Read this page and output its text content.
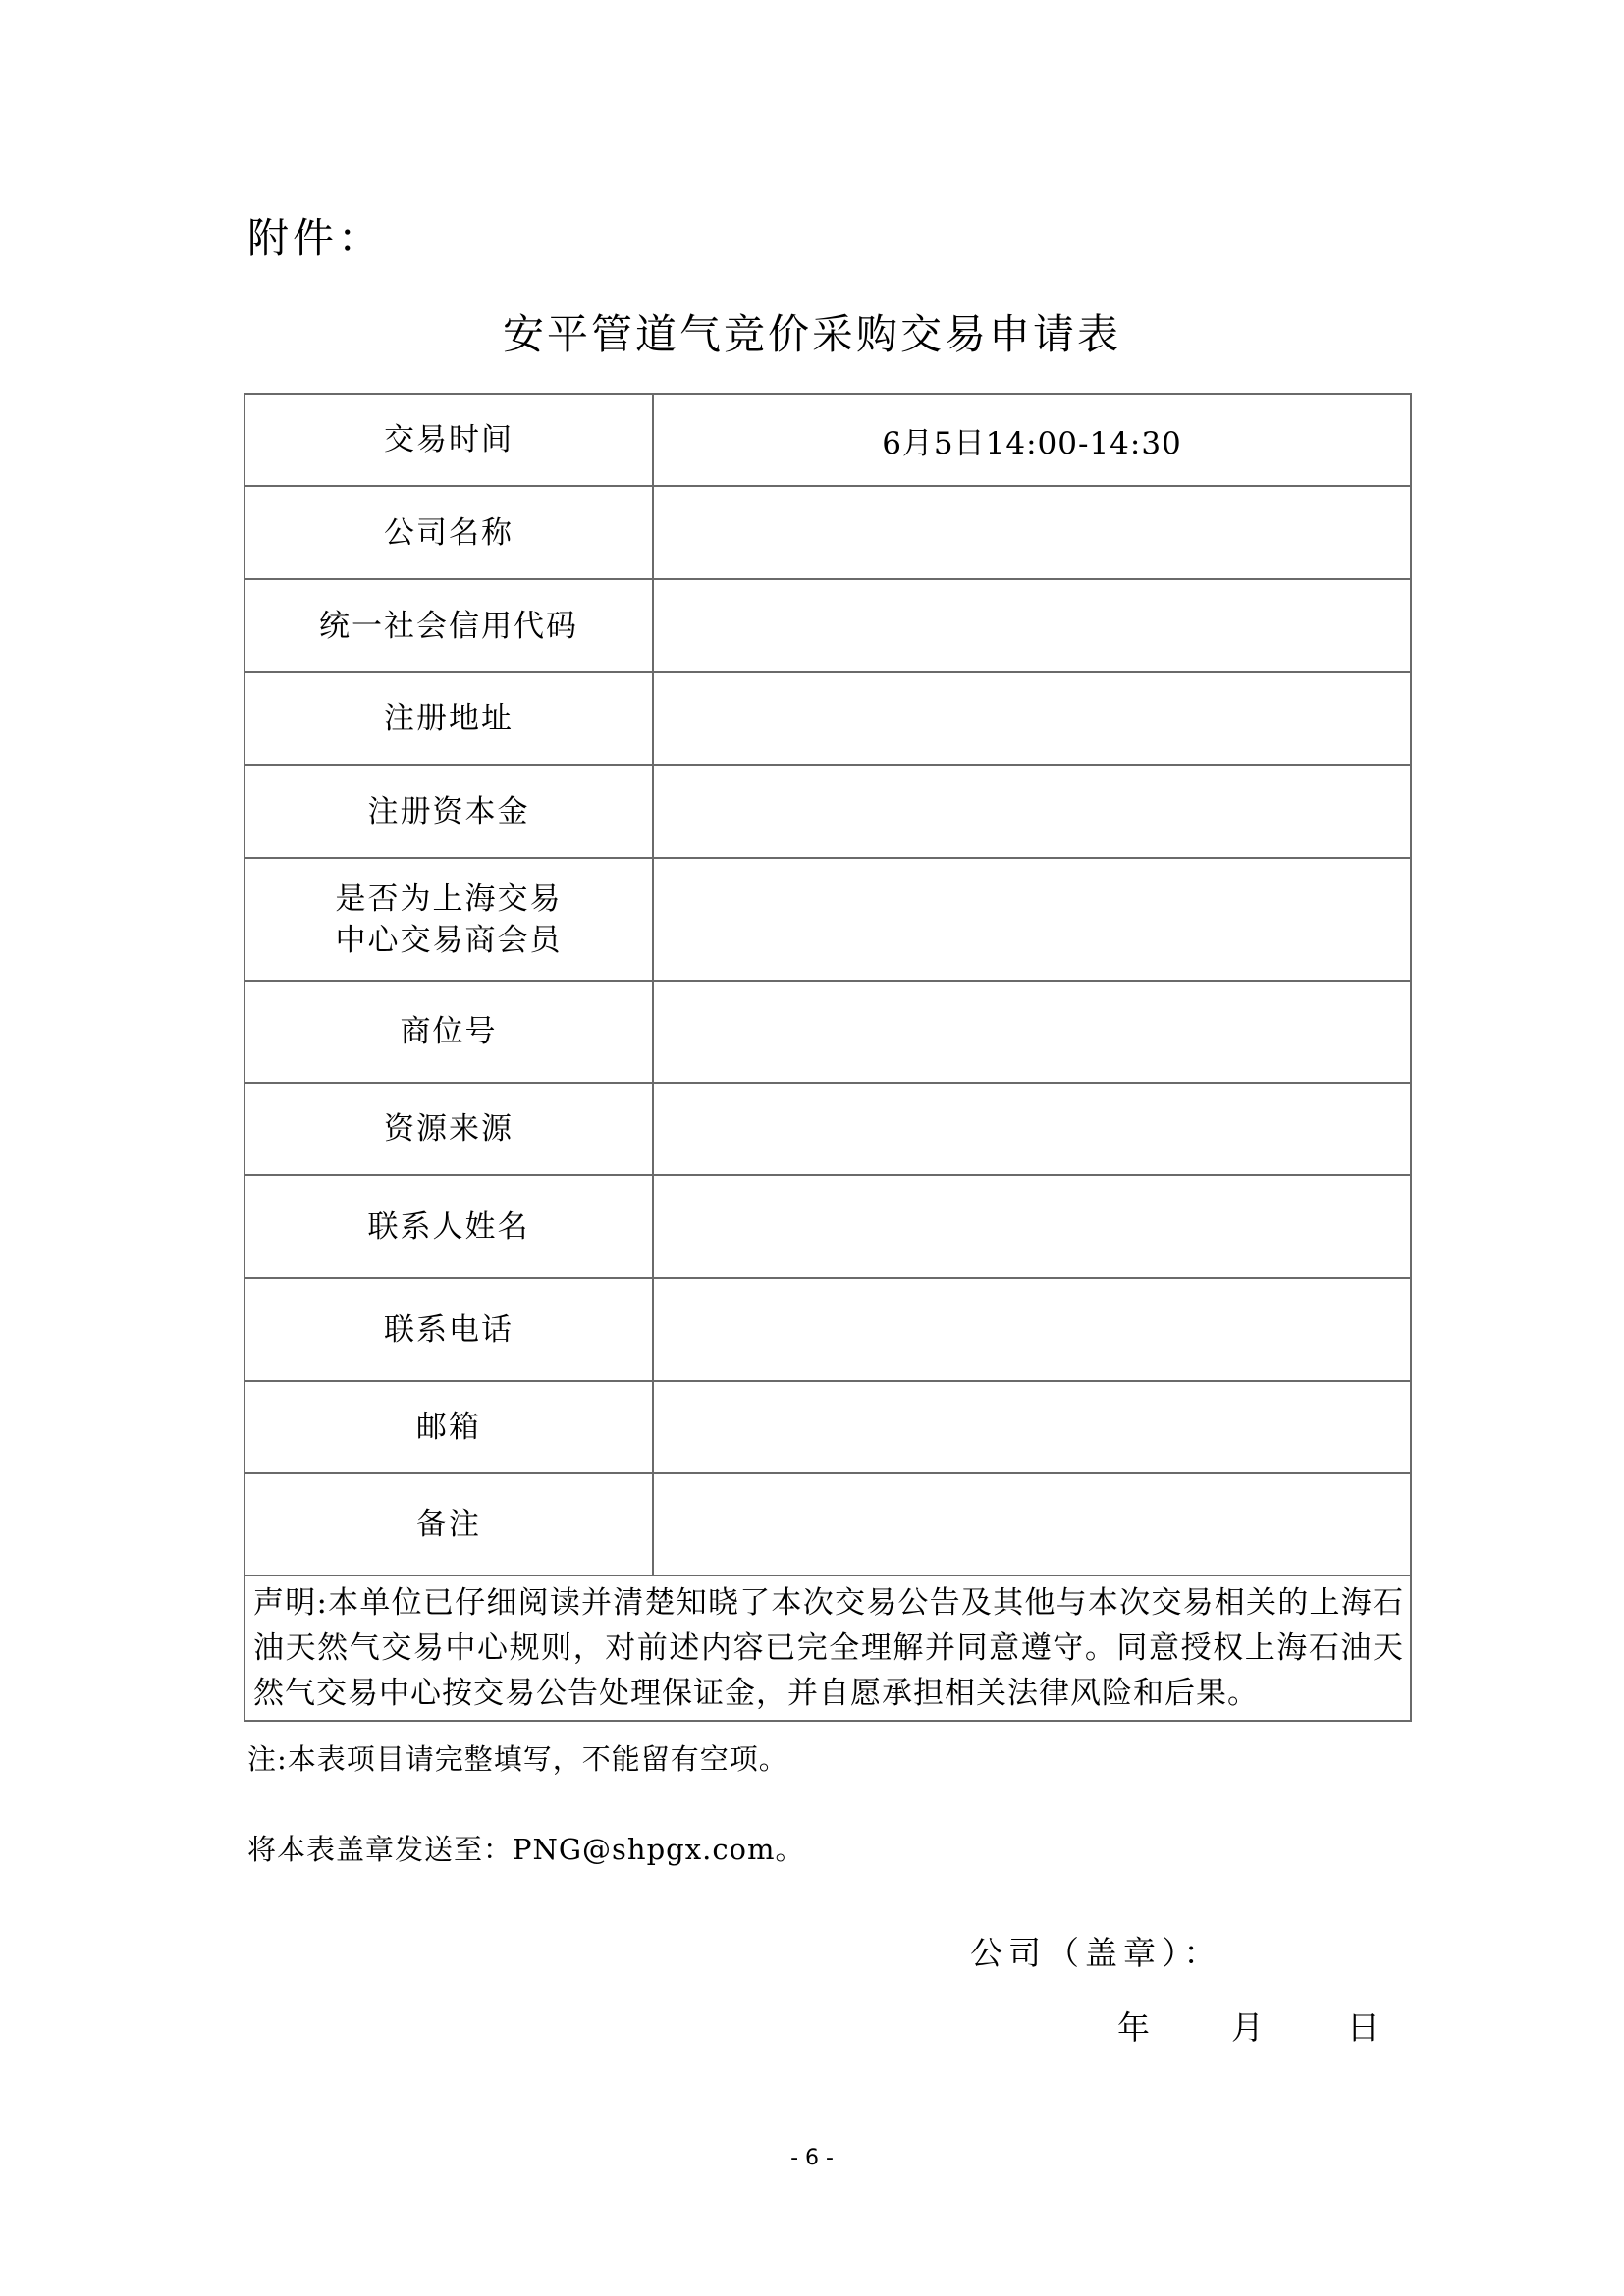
附件：
安平管道气竞价采购交易申请表
交易时间	6月5日14:00-14:30
公司名称	
统一社会信用代码	
注册地址	
注册资本金	
是否为上海交易中心交易商会员	
商位号	
资源来源	
联系人姓名	
联系电话	
邮箱	
备注	
声明:本单位已仔细阅读并清楚知晓了本次交易公告及其他与本次交易相关的上海石油天然气交易中心规则，对前述内容已完全理解并同意遵守。同意授权上海石油天然气交易中心按交易公告处理保证金，并自愿承担相关法律风险和后果。	
注:本表项目请完整填写，不能留有空项。
将本表盖章发送至：PNG@shpgx.com。
公司（盖章）：
年	月	日
- 6 -
